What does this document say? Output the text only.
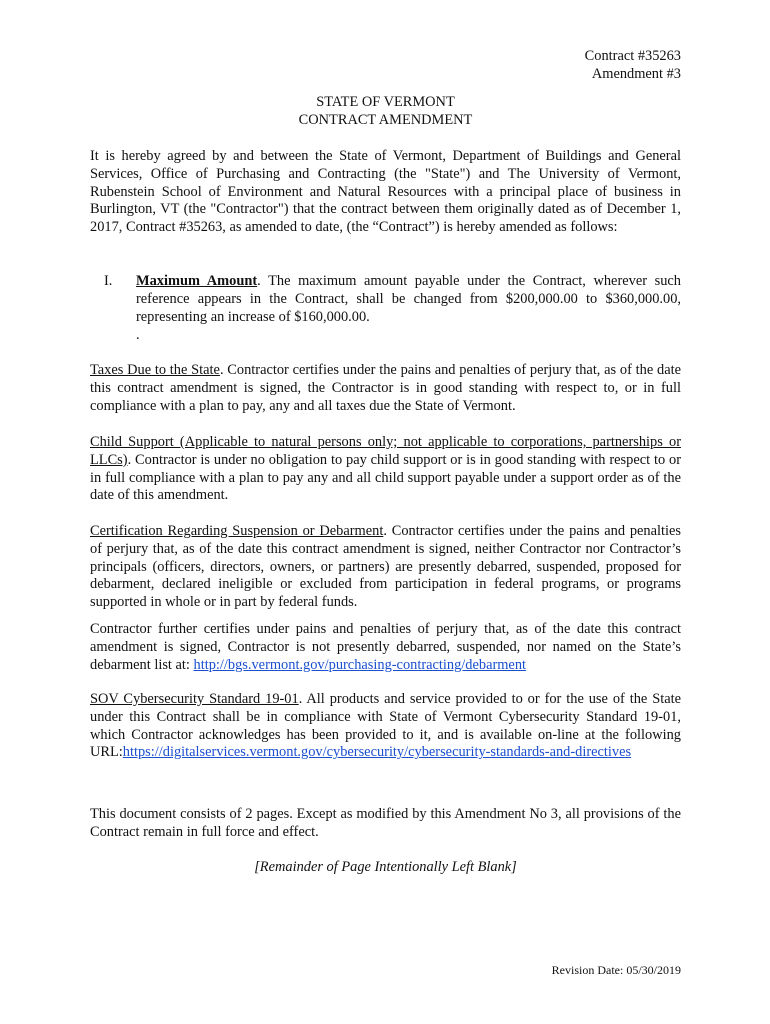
Contract #35263
Amendment #3
STATE OF VERMONT
CONTRACT AMENDMENT
It is hereby agreed by and between the State of Vermont, Department of Buildings and General Services, Office of Purchasing and Contracting (the "State") and The University of Vermont, Rubenstein School of Environment and Natural Resources with a principal place of business in Burlington, VT (the "Contractor") that the contract between them originally dated as of December 1, 2017, Contract #35263, as amended to date, (the “Contract”) is hereby amended as follows:
I. Maximum Amount. The maximum amount payable under the Contract, wherever such reference appears in the Contract, shall be changed from $200,000.00 to $360,000.00, representing an increase of $160,000.00.
.
Taxes Due to the State. Contractor certifies under the pains and penalties of perjury that, as of the date this contract amendment is signed, the Contractor is in good standing with respect to, or in full compliance with a plan to pay, any and all taxes due the State of Vermont.
Child Support (Applicable to natural persons only; not applicable to corporations, partnerships or LLCs). Contractor is under no obligation to pay child support or is in good standing with respect to or in full compliance with a plan to pay any and all child support payable under a support order as of the date of this amendment.
Certification Regarding Suspension or Debarment. Contractor certifies under the pains and penalties of perjury that, as of the date this contract amendment is signed, neither Contractor nor Contractor’s principals (officers, directors, owners, or partners) are presently debarred, suspended, proposed for debarment, declared ineligible or excluded from participation in federal programs, or programs supported in whole or in part by federal funds.
Contractor further certifies under pains and penalties of perjury that, as of the date this contract amendment is signed, Contractor is not presently debarred, suspended, nor named on the State’s debarment list at: http://bgs.vermont.gov/purchasing-contracting/debarment
SOV Cybersecurity Standard 19-01. All products and service provided to or for the use of the State under this Contract shall be in compliance with State of Vermont Cybersecurity Standard 19-01, which Contractor acknowledges has been provided to it, and is available on-line at the following URL:https://digitalservices.vermont.gov/cybersecurity/cybersecurity-standards-and-directives
This document consists of 2 pages. Except as modified by this Amendment No 3, all provisions of the Contract remain in full force and effect.
[Remainder of Page Intentionally Left Blank]
Revision Date: 05/30/2019
